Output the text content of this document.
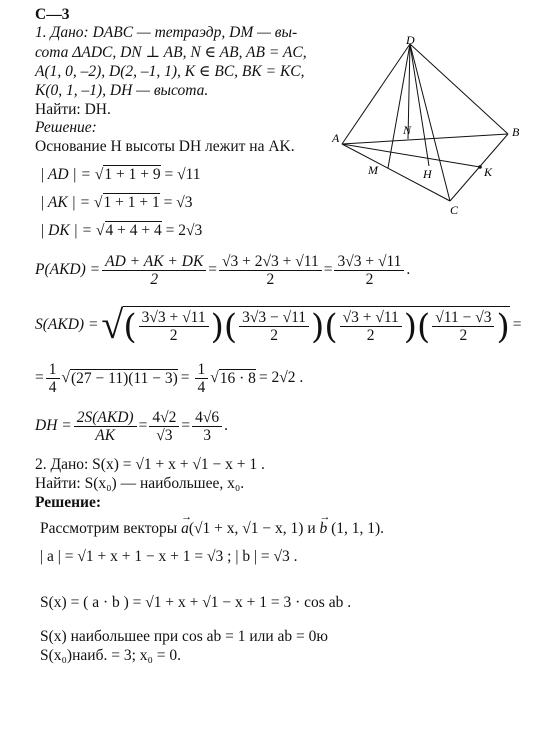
С—3
1. Дано: DABC — тетраэдр, DM — вы-
сота ΔADC, DN ⊥ AB, N ∈ AB, AB = AC,
A(1, 0, –2), D(2, –1, 1), K ∈ BC, BK = KC,
K(0, 1, –1), DH — высота.
Найти: DH.
Решение:
Основание H высоты DH лежит на AK.
D
A	B
C
N
M	H	K
| AD | = √1 + 1 + 9 = √11
| AK | = √1 + 1 + 1 = √3
| DK | = √4 + 4 + 4 = 2√3
$P(AKD) = \frac{AD + AK + DK}{2} = \frac{√3 + 2√3 + √11}{2} = \frac{3√3 + √11}{2}$ .
S(AKD) = √ ( $\frac{3√3 + √11}{2}$ ) ( $\frac{3√3 - √11}{2}$ ) ( $\frac{√3 + √11}{2}$ ) ( $\frac{√11 - √3}{2}$ ) =
= $\frac{1}{4}$ √ $(27 - 11)(11 - 3) = \frac{1}{4}$ √ 16 · 8 = 2√2 .
DH = $\frac{\text{2S(AKD)}}{AK} = \frac{4√2}{√3} = \frac{4√6}{3}$ .
2. Дано: S(x) = √1 + x + √1 − x + 1 .
Найти: S(x₀) — наибольшее, x₀.
Решение:
Рассмотрим векторы → a(√1 + x, √1 − x, 1) и → b (1, 1, 1).
| a | = √1 + x + 1 − x + 1 = √3 ; | b | = √3 .
S(x) = ( a · b ) = √1 + x + √1 − x + 1 = 3 · cos ab .
S(x) наибольшее при cos ab = 1 или ab = 0ю
S(x₀)наиб. = 3; x₀ = 0.
